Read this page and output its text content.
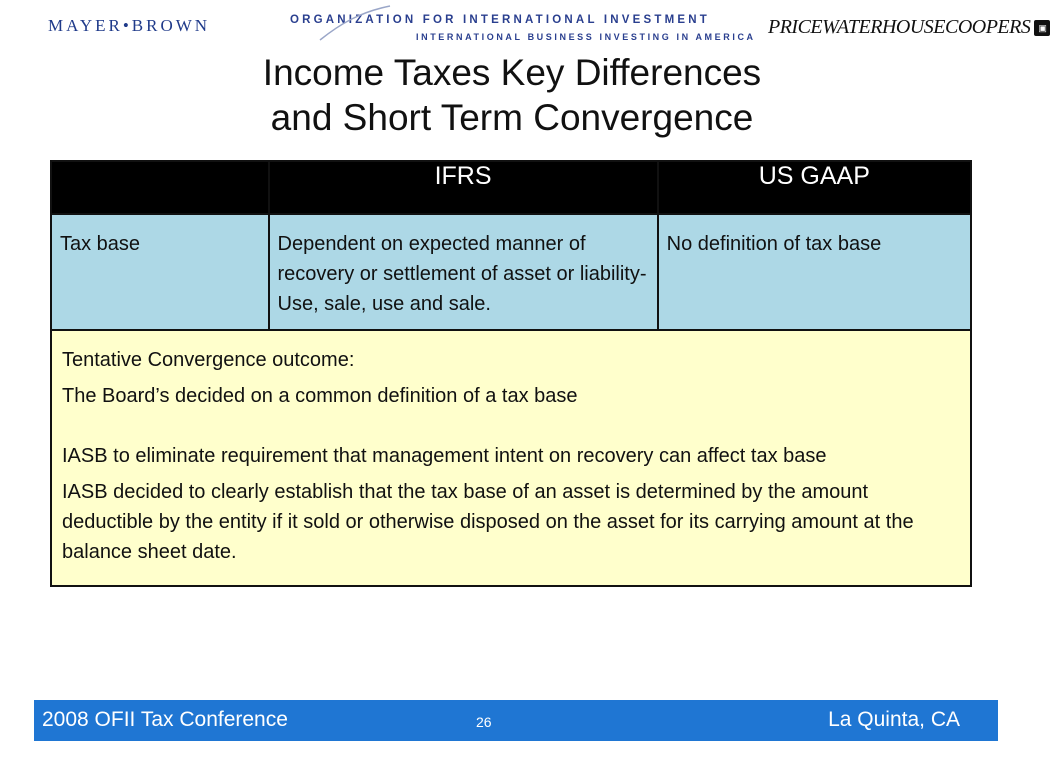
MAYER•BROWN	ORGANIZATION FOR INTERNATIONAL INVESTMENT
INTERNATIONAL BUSINESS INVESTING IN AMERICA PRICEWATERHOUSECOOPERS ▣
Income Taxes Key Differences
and Short Term Convergence
	IFRS	US GAAP
Tax base	Dependent on expected manner of recovery or settlement of asset or liability- Use, sale, use and sale.	No definition of tax base

Tentative Convergence outcome:

The Board’s decided on a common definition of a tax base

IASB to eliminate requirement that management intent on recovery can affect tax base

IASB decided to clearly establish that the tax base of an asset is determined by the amount deductible by the entity if it sold or otherwise disposed on the asset for its carrying amount at the balance sheet date.		

2008 OFII Tax Conference	26	La Quinta, CA
